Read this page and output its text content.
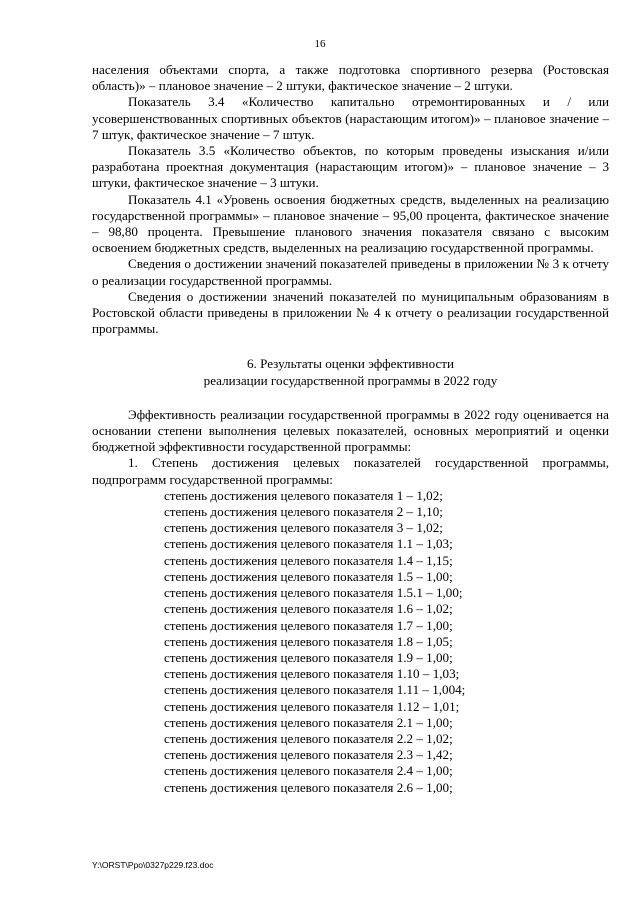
16

населения объектами спорта, а также подготовка спортивного резерва (Ростовская область)» – плановое значение – 2 штуки, фактическое значение – 2 штуки.

Показатель 3.4 «Количество капитально отремонтированных и / или усовершенствованных спортивных объектов (нарастающим итогом)» – плановое значение – 7 штук, фактическое значение – 7 штук.

Показатель 3.5 «Количество объектов, по которым проведены изыскания и/или разработана проектная документация (нарастающим итогом)» – плановое значение – 3 штуки, фактическое значение – 3 штуки.

Показатель 4.1 «Уровень освоения бюджетных средств, выделенных на реализацию государственной программы» – плановое значение – 95,00 процента, фактическое значение – 98,80 процента. Превышение планового значения показателя связано с высоким освоением бюджетных средств, выделенных на реализацию государственной программы.

Сведения о достижении значений показателей приведены в приложении № 3 к отчету о реализации государственной программы.

Сведения о достижении значений показателей по муниципальным образованиям в Ростовской области приведены в приложении № 4 к отчету о реализации государственной программы.

6. Результаты оценки эффективности
реализации государственной программы в 2022 году

Эффективность реализации государственной программы в 2022 году оценивается на основании степени выполнения целевых показателей, основных мероприятий и оценки бюджетной эффективности государственной программы:

1. Степень достижения целевых показателей государственной программы, подпрограмм государственной программы:

степень достижения целевого показателя 1 – 1,02;

степень достижения целевого показателя 2 – 1,10;

степень достижения целевого показателя 3 – 1,02;

степень достижения целевого показателя 1.1 – 1,03;

степень достижения целевого показателя 1.4 – 1,15;

степень достижения целевого показателя 1.5 – 1,00;

степень достижения целевого показателя 1.5.1 – 1,00;

степень достижения целевого показателя 1.6 – 1,02;

степень достижения целевого показателя 1.7 – 1,00;

степень достижения целевого показателя 1.8 – 1,05;

степень достижения целевого показателя 1.9 – 1,00;

степень достижения целевого показателя 1.10 – 1,03;

степень достижения целевого показателя 1.11 – 1,004;

степень достижения целевого показателя 1.12 – 1,01;

степень достижения целевого показателя 2.1 – 1,00;

степень достижения целевого показателя 2.2 – 1,02;

степень достижения целевого показателя 2.3 – 1,42;

степень достижения целевого показателя 2.4 – 1,00;

степень достижения целевого показателя 2.6 – 1,00;

Y:\ORST\Ppo\0327p229.f23.doc
